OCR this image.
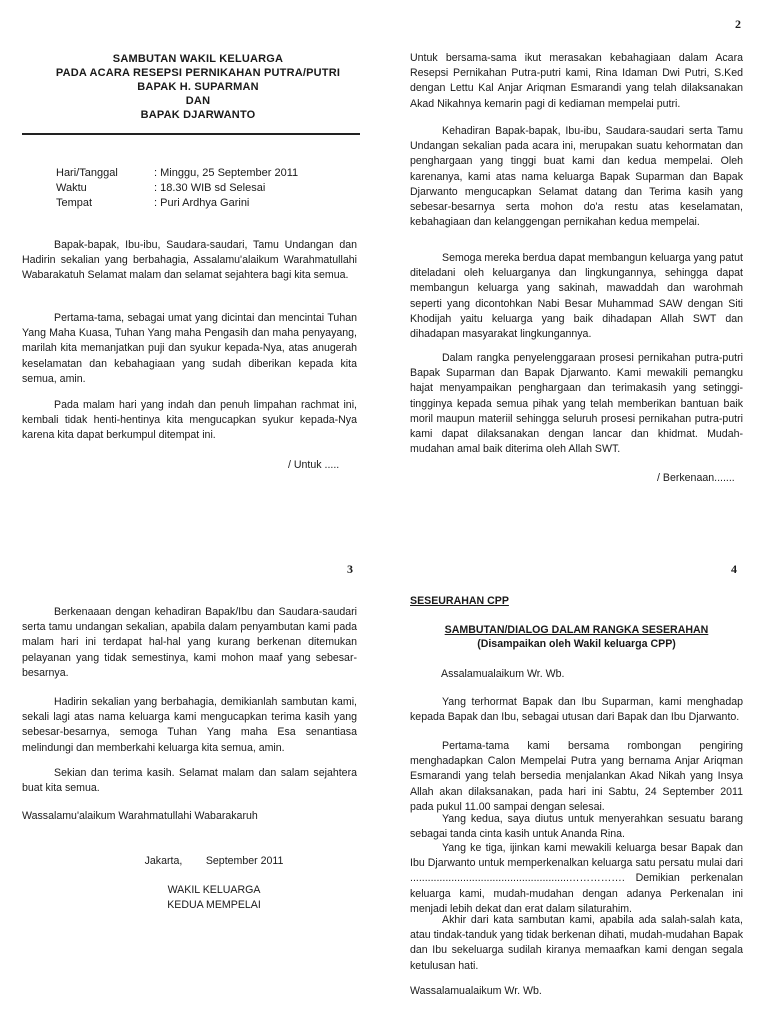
2
3	4
SAMBUTAN WAKIL KELUARGA
PADA ACARA RESEPSI PERNIKAHAN PUTRA/PUTRI
BAPAK H. SUPARMAN
DAN
BAPAK DJARWANTO
Hari/Tanggal	: Minggu, 25 September 2011
Waktu	: 18.30 WIB sd Selesai
Tempat	: Puri Ardhya Garini

Bapak-bapak, Ibu-ibu, Saudara-saudari, Tamu Undangan dan Hadirin sekalian yang berbahagia, Assalamu'alaikum Warahmatullahi Wabarakatuh Selamat malam dan selamat sejahtera bagi kita semua.

Pertama-tama, sebagai umat yang dicintai dan mencintai Tuhan Yang Maha Kuasa, Tuhan Yang maha Pengasih dan maha penyayang, marilah kita memanjatkan puji dan syukur kepada-Nya, atas anugerah keselamatan dan kebahagiaan yang sudah diberikan kepada kita semua, amin.

Pada malam hari yang indah dan penuh limpahan rachmat ini, kembali tidak henti-hentinya kita mengucapkan syukur kepada-Nya karena kita dapat berkumpul ditempat ini.

/ Untuk .....

Untuk bersama-sama ikut merasakan kebahagiaan dalam Acara Resepsi Pernikahan Putra-putri kami, Rina Idaman Dwi Putri, S.Ked dengan Lettu Kal Anjar Ariqman Esmarandi yang telah dilaksanakan Akad Nikahnya kemarin pagi di kediaman mempelai putri.

Kehadiran Bapak-bapak, Ibu-ibu, Saudara-saudari serta Tamu Undangan sekalian pada acara ini, merupakan suatu kehormatan dan penghargaan yang tinggi buat kami dan kedua mempelai. Oleh karenanya, kami atas nama keluarga Bapak Suparman dan Bapak Djarwanto mengucapkan Selamat datang dan Terima kasih yang sebesar-besarnya serta mohon do'a restu atas keselamatan, kebahagiaan dan kelanggengan pernikahan kedua mempelai.

Semoga mereka berdua dapat membangun keluarga yang patut diteladani oleh keluarganya dan lingkungannya, sehingga dapat membangun keluarga yang sakinah, mawaddah dan warohmah seperti yang dicontohkan Nabi Besar Muhammad SAW dengan Siti Khodijah yaitu keluarga yang baik dihadapan Allah SWT dan dihadapan masyarakat lingkungannya.

Dalam rangka penyelenggaraan prosesi pernikahan putra-putri Bapak Suparman dan Bapak Djarwanto. Kami mewakili pemangku hajat menyampaikan penghargaan dan terimakasih yang setinggi-tingginya kepada semua pihak yang telah memberikan bantuan baik moril maupun materiil sehingga seluruh prosesi pernikahan putra-putri kami dapat dilaksanakan dengan lancar dan khidmat. Mudah-mudahan amal baik diterima oleh Allah SWT.

/ Berkenaan.......

Berkenaaan dengan kehadiran Bapak/Ibu dan Saudara-saudari serta tamu undangan sekalian, apabila dalam penyambutan kami pada malam hari ini terdapat hal-hal yang kurang berkenan ditemukan pelayanan yang tidak semestinya, kami mohon maaf yang sebesar-besarnya.

Hadirin sekalian yang berbahagia, demikianlah sambutan kami, sekali lagi atas nama keluarga kami mengucapkan terima kasih yang sebesar-besarnya, semoga Tuhan Yang maha Esa senantiasa melindungi dan memberkahi keluarga kita semua, amin.

Sekian dan terima kasih. Selamat malam dan salam sejahtera buat kita semua.

Wassalamu'alaikum Warahmatullahi Wabarakaruh
Jakarta,        September 2011
WAKIL KELUARGA
KEDUA MEMPELAI
SESEURAHAN CPP
SAMBUTAN/DIALOG DALAM RANGKA SESERAHAN
(Disampaikan oleh Wakil keluarga CPP)
Assalamualaikum Wr. Wb.

Yang terhormat Bapak dan Ibu Suparman, kami menghadap kepada Bapak dan Ibu, sebagai utusan dari Bapak dan Ibu Djarwanto.

Pertama-tama kami bersama rombongan pengiring menghadapkan Calon Mempelai Putra yang bernama Anjar Ariqman Esmarandi yang telah bersedia menjalankan Akad Nikah yang Insya Allah akan dilaksanakan, pada hari ini Sabtu, 24 September 2011 pada pukul 11.00 sampai dengan selesai.

Yang kedua, saya diutus untuk menyerahkan sesuatu barang sebagai tanda cinta kasih untuk Ananda Rina.

Yang ke tiga, ijinkan kami mewakili keluarga besar Bapak dan Ibu Djarwanto untuk memperkenalkan keluarga satu persatu mulai dari ......................................................……………. Demikian perkenalan keluarga kami, mudah-mudahan dengan adanya Perkenalan ini menjadi lebih dekat dan erat dalam silaturahim.

Akhir dari kata sambutan kami, apabila ada salah-salah kata, atau tindak-tanduk yang tidak berkenan dihati, mudah-mudahan Bapak dan Ibu sekeluarga sudilah kiranya memaafkan kami dengan segala ketulusan hati.

Wassalamualaikum Wr. Wb.
